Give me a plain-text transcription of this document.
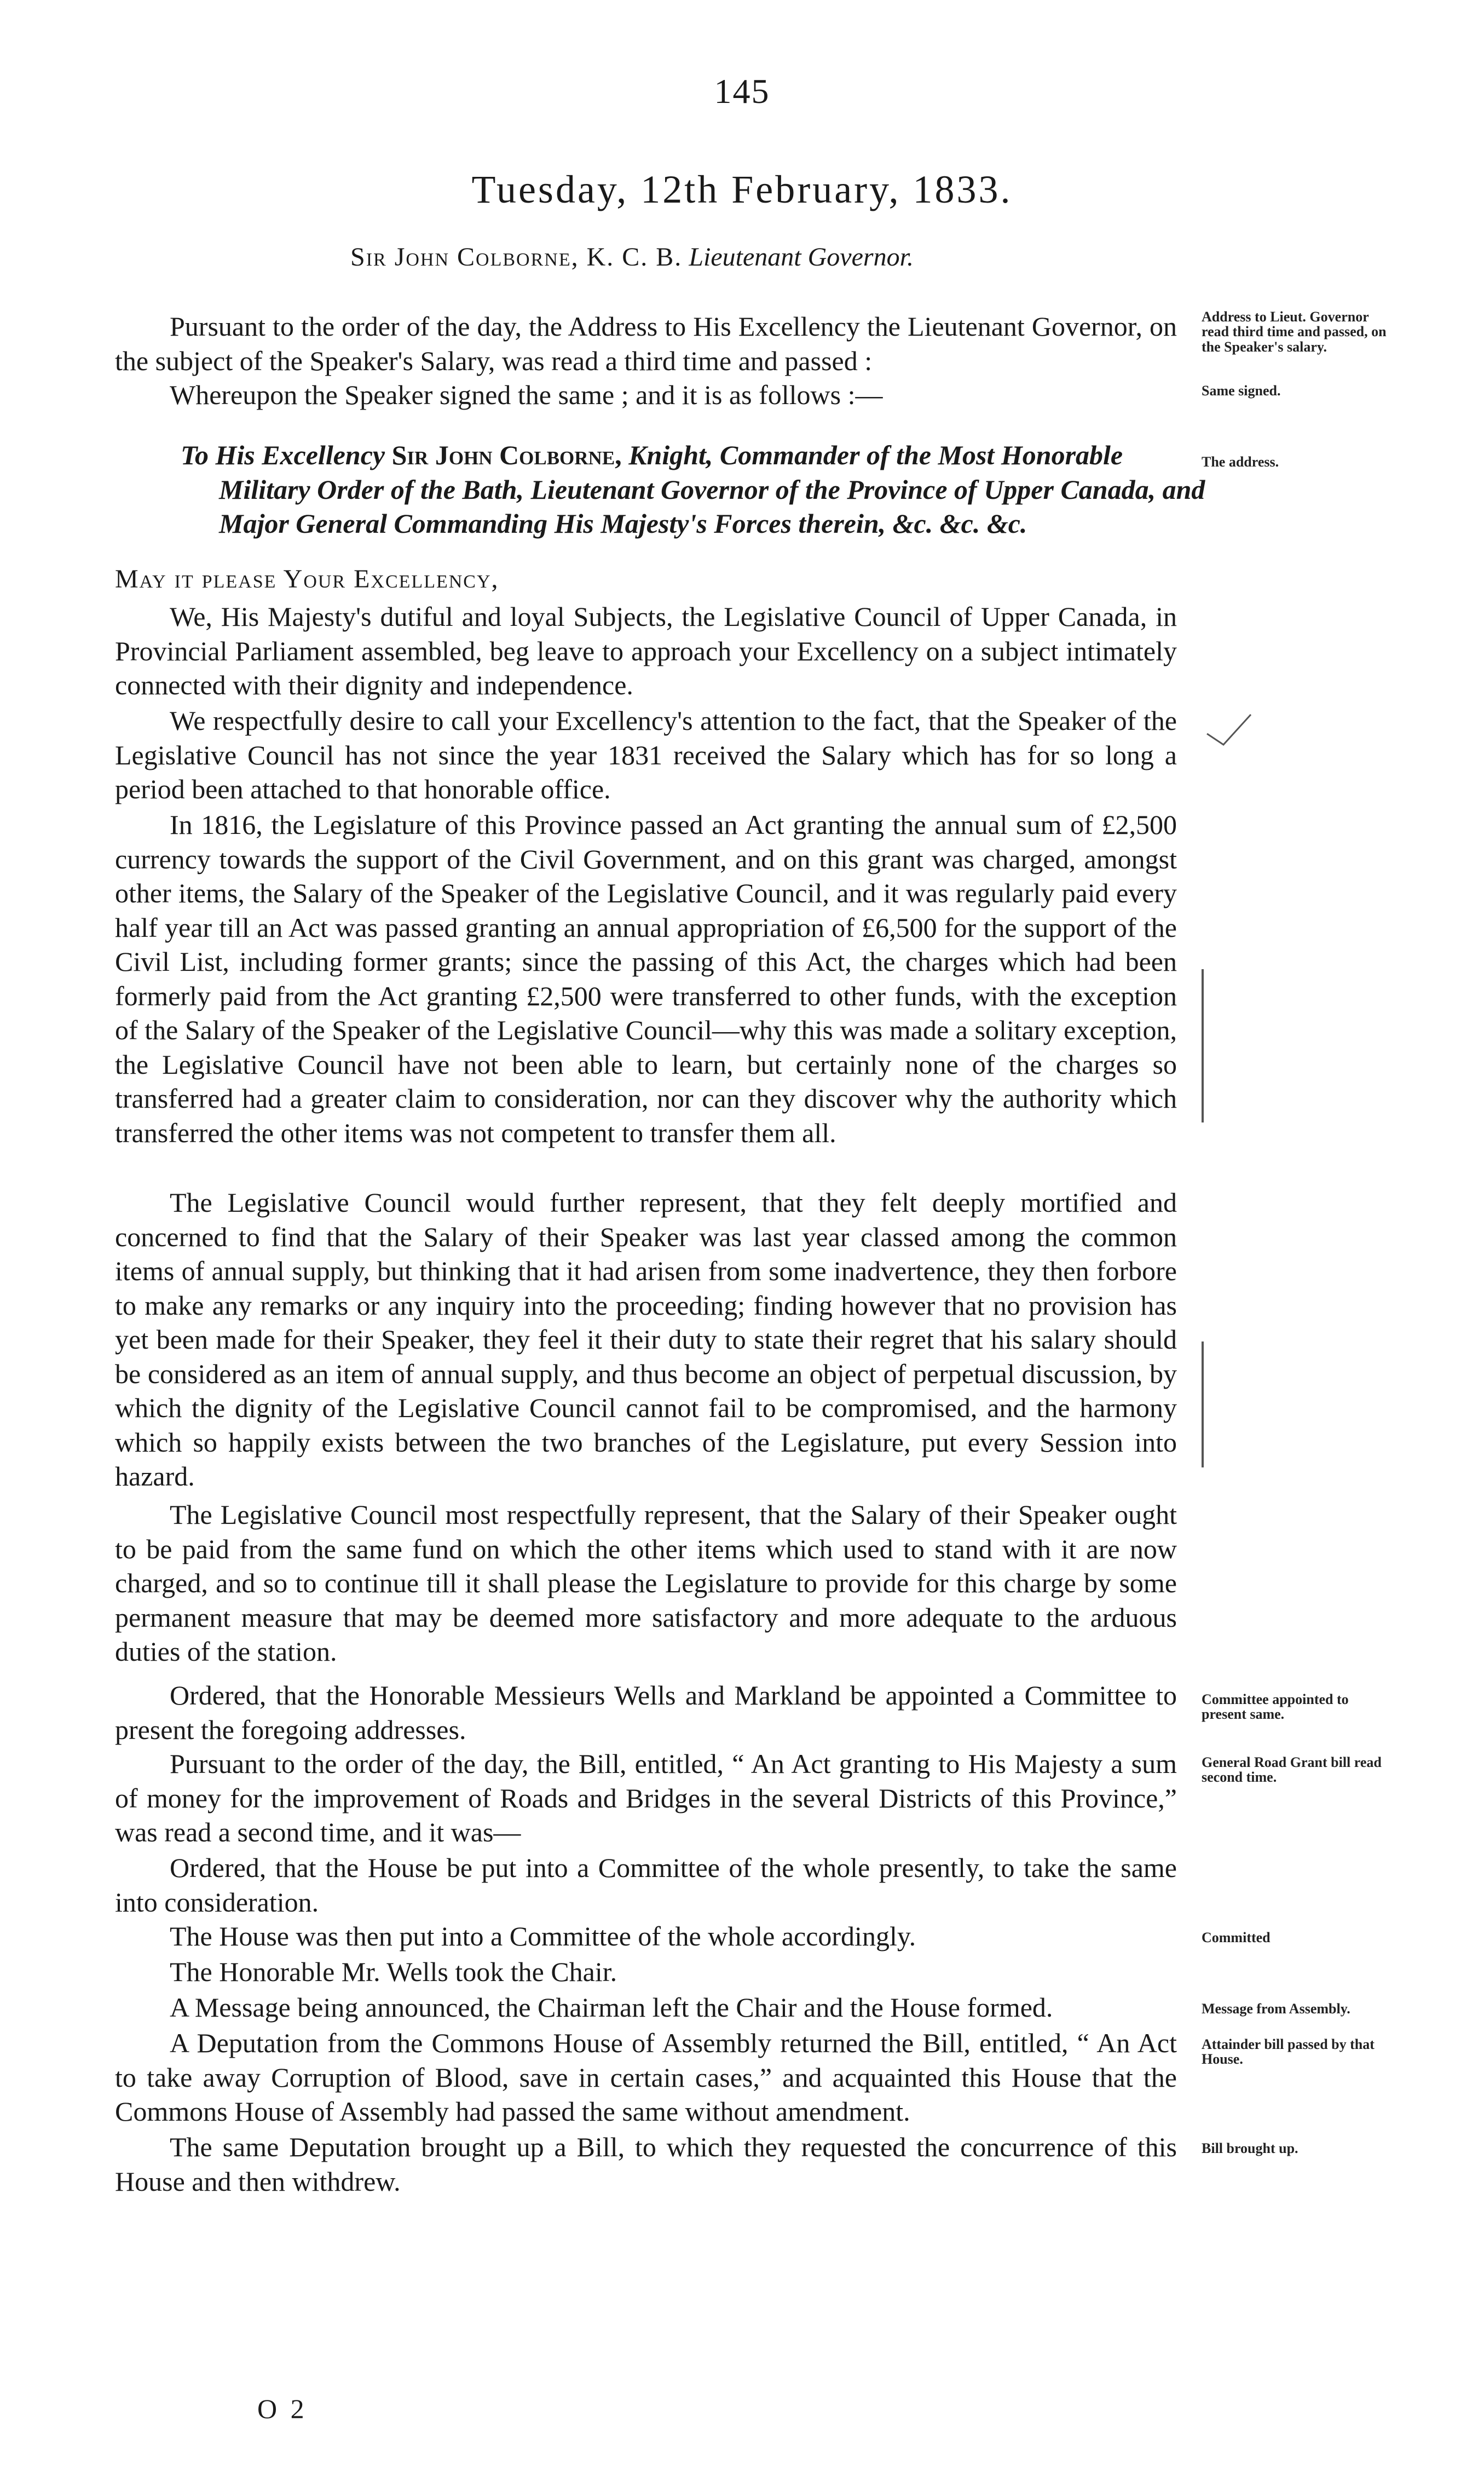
145
Tuesday, 12th February, 1833.
Sir John Colborne, K. C. B. Lieutenant Governor.

Pursuant to the order of the day, the Address to His Excellency the Lieutenant Governor, on the subject of the Speaker's Salary, was read a third time and passed :

Whereupon the Speaker signed the same ; and it is as follows :—

To His Excellency Sir John Colborne, Knight, Commander of the Most Honorable Military Order of the Bath, Lieutenant Governor of the Province of Upper Canada, and Major General Commanding His Majesty's Forces therein, &c. &c. &c.

May it please Your Excellency,

We, His Majesty's dutiful and loyal Subjects, the Legislative Council of Upper Canada, in Provincial Parliament assembled, beg leave to approach your Excellency on a subject intimately connected with their dignity and independence.

We respectfully desire to call your Excellency's attention to the fact, that the Speaker of the Legislative Council has not since the year 1831 received the Salary which has for so long a period been attached to that honorable office.

In 1816, the Legislature of this Province passed an Act granting the annual sum of £2,500 currency towards the support of the Civil Government, and on this grant was charged, amongst other items, the Salary of the Speaker of the Legislative Council, and it was regularly paid every half year till an Act was passed granting an annual appropriation of £6,500 for the support of the Civil List, including former grants; since the passing of this Act, the charges which had been formerly paid from the Act granting £2,500 were transferred to other funds, with the exception of the Salary of the Speaker of the Legislative Council—why this was made a solitary exception, the Legislative Council have not been able to learn, but certainly none of the charges so transferred had a greater claim to consideration, nor can they discover why the authority which transferred the other items was not competent to transfer them all.

The Legislative Council would further represent, that they felt deeply mortified and concerned to find that the Salary of their Speaker was last year classed among the common items of annual supply, but thinking that it had arisen from some inadvertence, they then forbore to make any remarks or any inquiry into the proceeding; finding however that no provision has yet been made for their Speaker, they feel it their duty to state their regret that his salary should be considered as an item of annual supply, and thus become an object of perpetual discussion, by which the dignity of the Legislative Council cannot fail to be compromised, and the harmony which so happily exists between the two branches of the Legislature, put every Session into hazard.

The Legislative Council most respectfully represent, that the Salary of their Speaker ought to be paid from the same fund on which the other items which used to stand with it are now charged, and so to continue till it shall please the Legislature to provide for this charge by some permanent measure that may be deemed more satisfactory and more adequate to the arduous duties of the station.

Ordered, that the Honorable Messieurs Wells and Markland be appointed a Committee to present the foregoing addresses.

Pursuant to the order of the day, the Bill, entitled, “ An Act granting to His Majesty a sum of money for the improvement of Roads and Bridges in the several Districts of this Province,” was read a second time, and it was—

Ordered, that the House be put into a Committee of the whole presently, to take the same into consideration.

The House was then put into a Committee of the whole accordingly.

The Honorable Mr. Wells took the Chair.

A Message being announced, the Chairman left the Chair and the House formed.

A Deputation from the Commons House of Assembly returned the Bill, entitled, “ An Act to take away Corruption of Blood, save in certain cases,” and acquainted this House that the Commons House of Assembly had passed the same without amendment.

The same Deputation brought up a Bill, to which they requested the concurrence of this House and then withdrew.

O 2
Address to Lieut. Governor read third time and passed, on the Speaker's salary.
Same signed.
The address.
Committee appointed to present same.
General Road Grant bill read second time.
Committed
Message from Assembly.
Attainder bill passed by that House.
Bill brought up.
